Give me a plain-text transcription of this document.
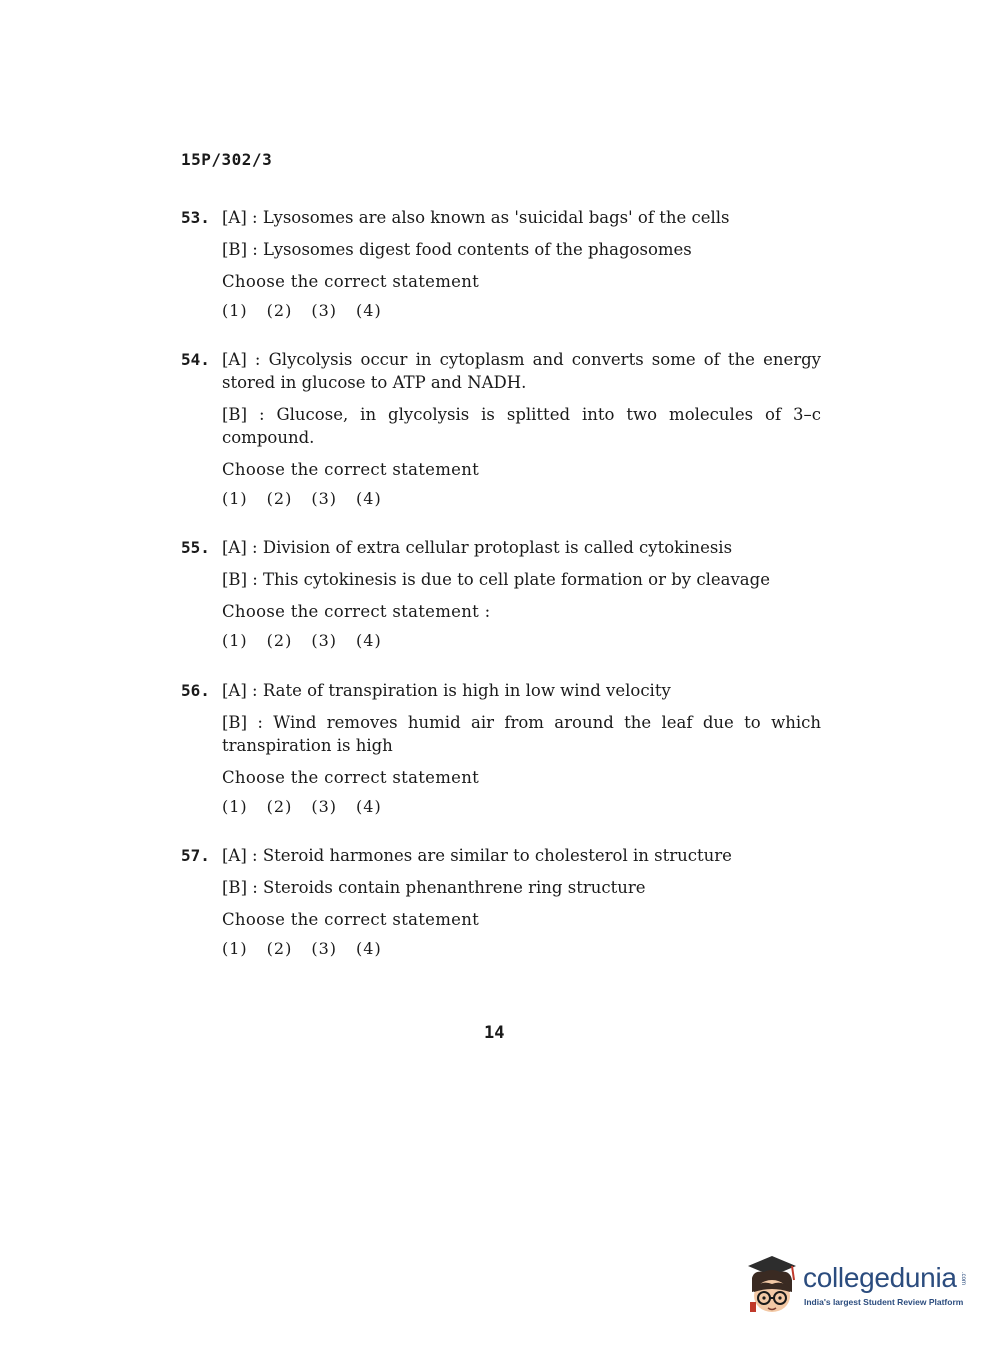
15P/302/3
53. [A] : Lysosomes are also known as 'suicidal bags' of the cells

[B] : Lysosomes digest food contents of the phagosomes

Choose the correct statement

(1) (2) (3) (4)
54. [A] : Glycolysis occur in cytoplasm and converts some of the energy stored in glucose to ATP and NADH.

[B] : Glucose, in glycolysis is splitted into two molecules of 3–c compound.

Choose the correct statement

(1) (2) (3) (4)
55. [A] : Division of extra cellular protoplast is called cytokinesis

[B] : This cytokinesis is due to cell plate formation or by cleavage

Choose the correct statement :

(1) (2) (3) (4)
56. [A] : Rate of transpiration is high in low wind velocity

[B] : Wind removes humid air from around the leaf due to which transpiration is high

Choose the correct statement

(1) (2) (3) (4)
57. [A] : Steroid harmones are similar to cholesterol in structure

[B] : Steroids contain phenanthrene ring structure

Choose the correct statement

(1) (2) (3) (4)
14
collegedunia .com
India's largest Student Review Platform
